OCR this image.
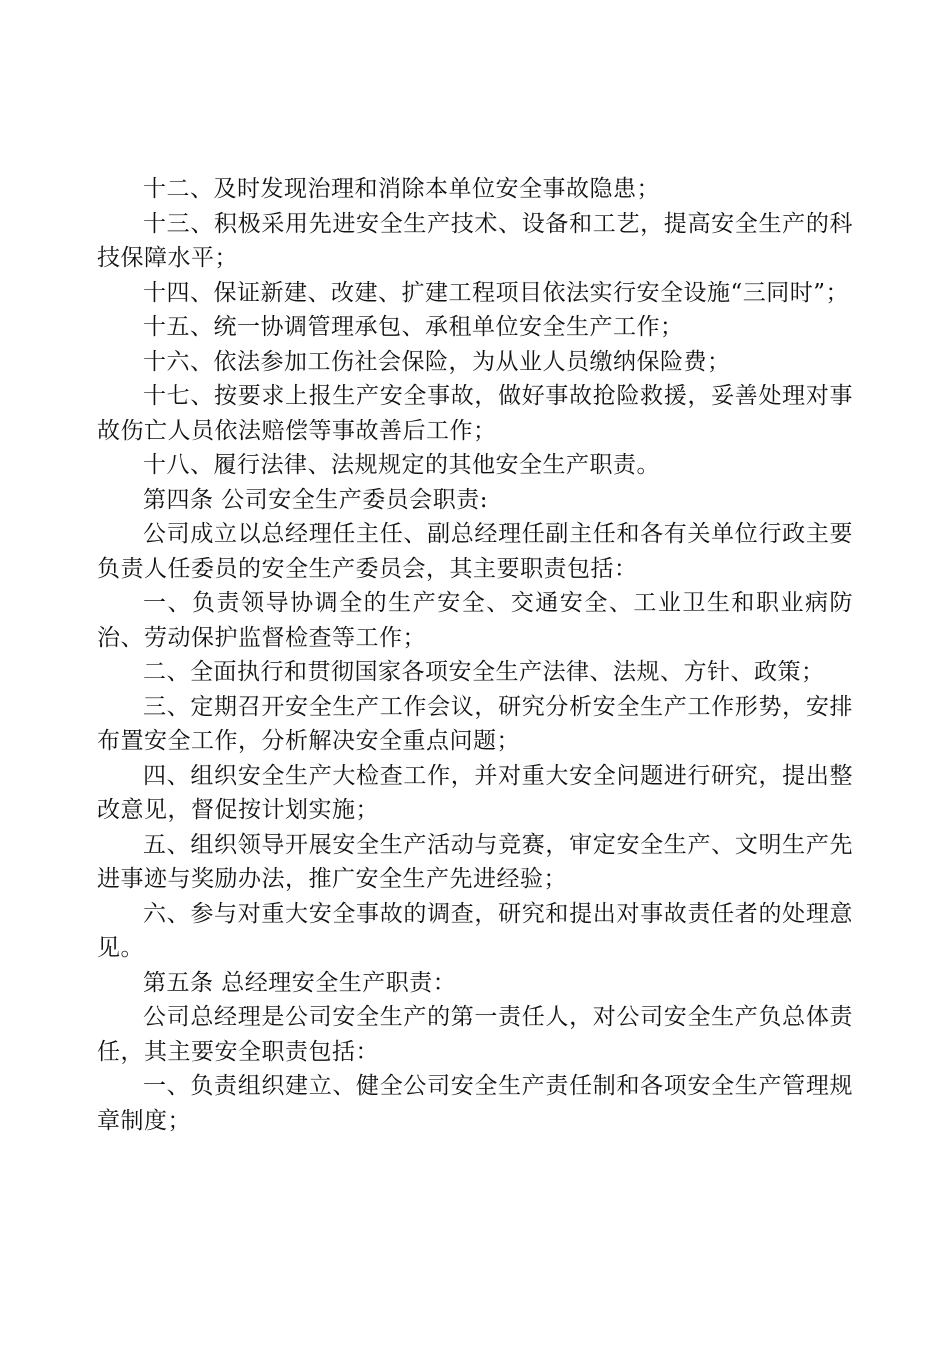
十二、及时发现治理和消除本单位安全事故隐患；

十三、积极采用先进安全生产技术、设备和工艺，提高安全生产的科技保障水平；

十四、保证新建、改建、扩建工程项目依法实行安全设施“三同时”；

十五、统一协调管理承包、承租单位安全生产工作；

十六、依法参加工伤社会保险，为从业人员缴纳保险费；

十七、按要求上报生产安全事故，做好事故抢险救援，妥善处理对事故伤亡人员依法赔偿等事故善后工作；

十八、履行法律、法规规定的其他安全生产职责。

第四条 公司安全生产委员会职责:

公司成立以总经理任主任、副总经理任副主任和各有关单位行政主要负责人任委员的安全生产委员会，其主要职责包括：

一、负责领导协调全的生产安全、交通安全、工业卫生和职业病防治、劳动保护监督检查等工作；

二、全面执行和贯彻国家各项安全生产法律、法规、方针、政策；

三、定期召开安全生产工作会议，研究分析安全生产工作形势，安排布置安全工作，分析解决安全重点问题；

四、组织安全生产大检查工作，并对重大安全问题进行研究，提出整改意见，督促按计划实施；

五、组织领导开展安全生产活动与竞赛，审定安全生产、文明生产先进事迹与奖励办法，推广安全生产先进经验；

六、参与对重大安全事故的调查，研究和提出对事故责任者的处理意见。

第五条 总经理安全生产职责：

公司总经理是公司安全生产的第一责任人，对公司安全生产负总体责任，其主要安全职责包括：

一、负责组织建立、健全公司安全生产责任制和各项安全生产管理规章制度；
